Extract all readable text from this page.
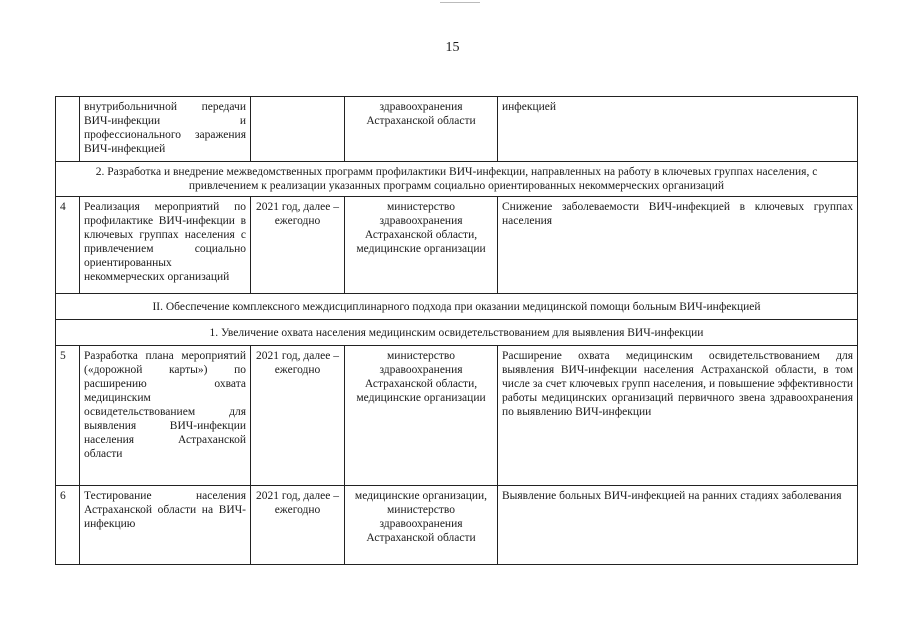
15
	внутрибольничной передачи ВИЧ-инфекции и профессионального заражения ВИЧ-инфекцией		здравоохранения Астраханской области	инфекцией
2. Разработка и внедрение межведомственных программ профилактики ВИЧ-инфекции, направленных на работу в ключевых группах населения, с привлечением к реализации указанных программ социально ориентированных некоммерческих организаций				
4	Реализация мероприятий по профилактике ВИЧ-инфекции в ключевых группах населения с привлечением социально ориентированных некоммерческих организаций	2021 год, далее – ежегодно	министерство здравоохранения Астраханской области, медицинские организации	Снижение заболеваемости ВИЧ-инфекцией в ключевых группах населения
II. Обеспечение комплексного междисциплинарного подхода при оказании медицинской помощи больным ВИЧ-инфекцией				
1. Увеличение охвата населения медицинским освидетельствованием для выявления ВИЧ-инфекции				
5	Разработка плана мероприятий («дорожной карты») по расширению охвата медицинским освидетельствованием для выявления ВИЧ-инфекции населения Астраханской области	2021 год, далее – ежегодно	министерство здравоохранения Астраханской области, медицинские организации	Расширение охвата медицинским освидетельствованием для выявления ВИЧ-инфекции населения Астраханской области, в том числе за счет ключевых групп населения, и повышение эффективности работы медицинских организаций первичного звена здравоохранения по выявлению ВИЧ-инфекции
6	Тестирование населения Астраханской области на ВИЧ-инфекцию	2021 год, далее – ежегодно	медицинские организации, министерство здравоохранения Астраханской области	Выявление больных ВИЧ-инфекцией на ранних стадиях заболевания
